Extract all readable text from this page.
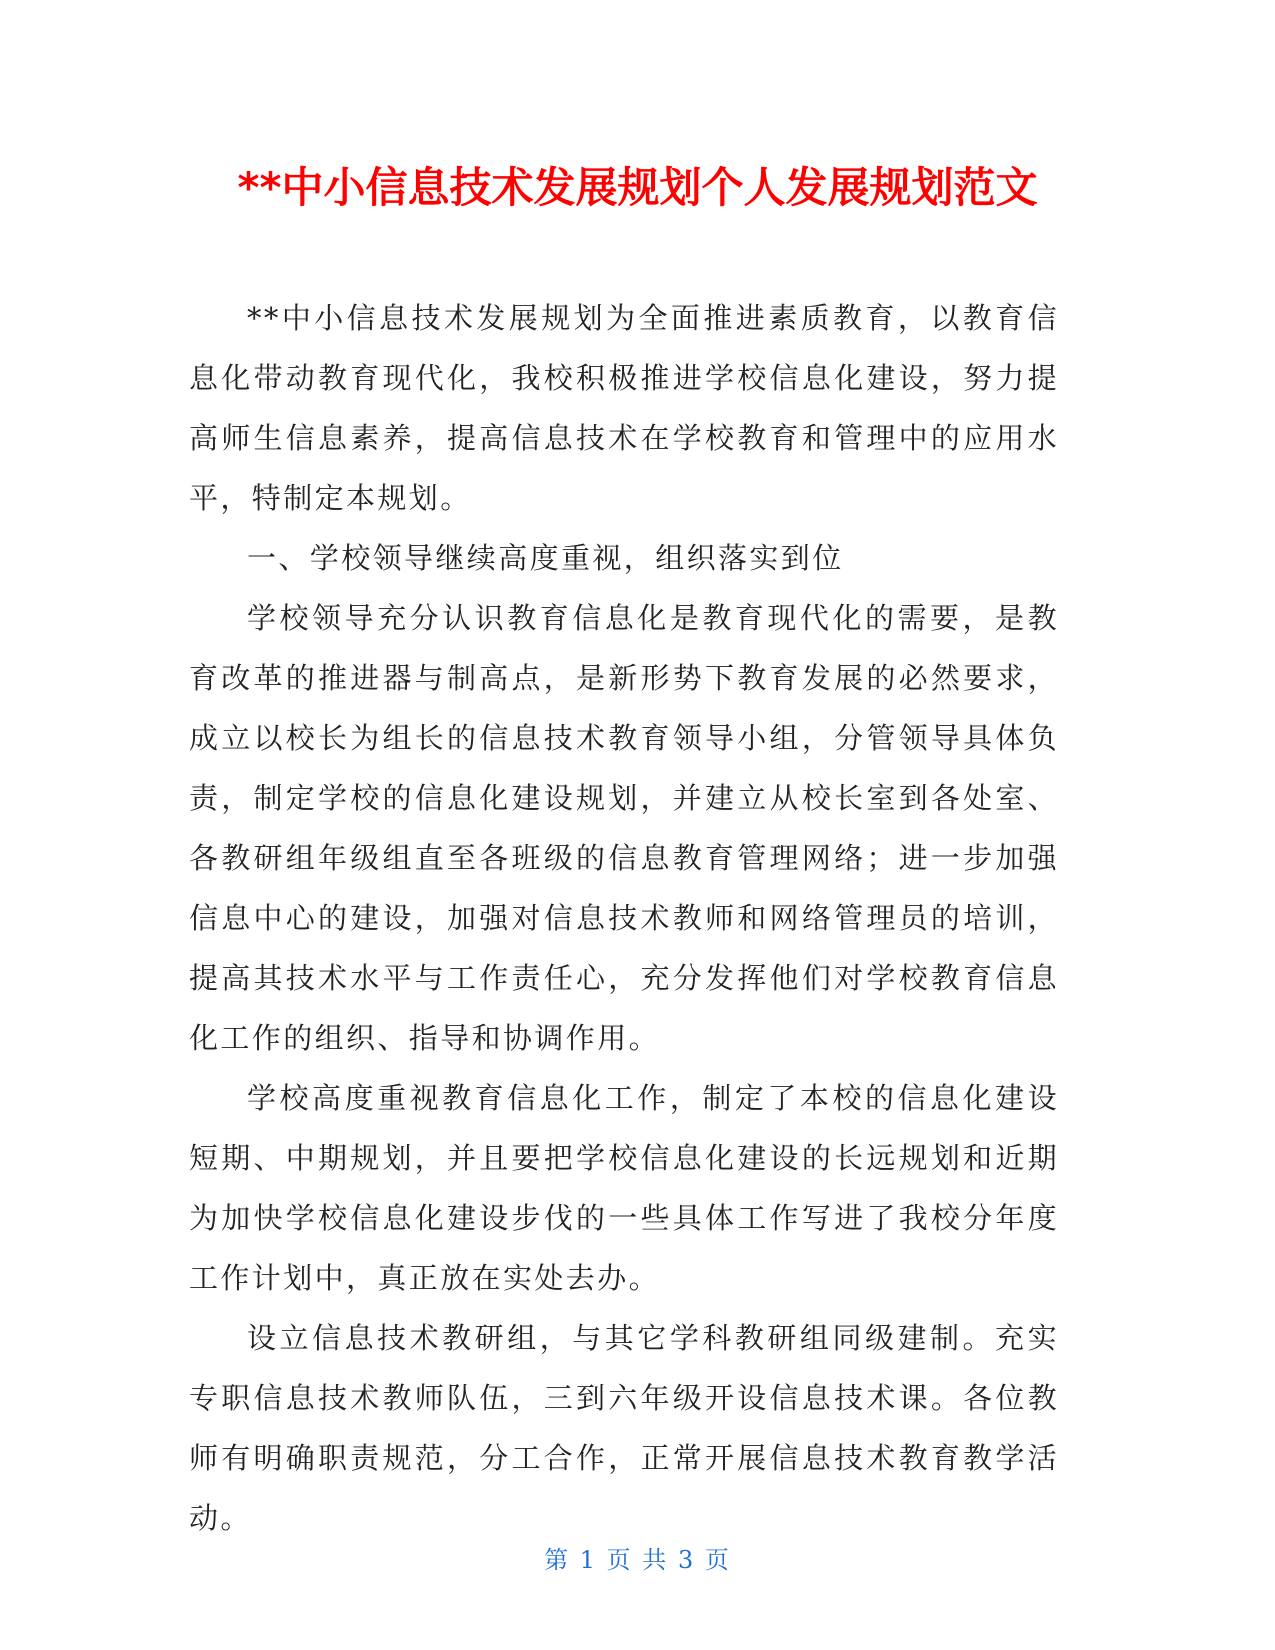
**中小信息技术发展规划个人发展规划范文

**中小信息技术发展规划为全面推进素质教育，以教育信息化带动教育现代化，我校积极推进学校信息化建设，努力提高师生信息素养，提高信息技术在学校教育和管理中的应用水平，特制定本规划。

一、学校领导继续高度重视，组织落实到位

学校领导充分认识教育信息化是教育现代化的需要，是教育改革的推进器与制高点，是新形势下教育发展的必然要求，成立以校长为组长的信息技术教育领导小组，分管领导具体负责，制定学校的信息化建设规划，并建立从校长室到各处室、各教研组年级组直至各班级的信息教育管理网络；进一步加强信息中心的建设，加强对信息技术教师和网络管理员的培训，提高其技术水平与工作责任心，充分发挥他们对学校教育信息化工作的组织、指导和协调作用。

学校高度重视教育信息化工作，制定了本校的信息化建设短期、中期规划，并且要把学校信息化建设的长远规划和近期为加快学校信息化建设步伐的一些具体工作写进了我校分年度工作计划中，真正放在实处去办。

设立信息技术教研组，与其它学科教研组同级建制。充实专职信息技术教师队伍，三到六年级开设信息技术课。各位教师有明确职责规范，分工合作，正常开展信息技术教育教学活动。

第 1 页 共 3 页
